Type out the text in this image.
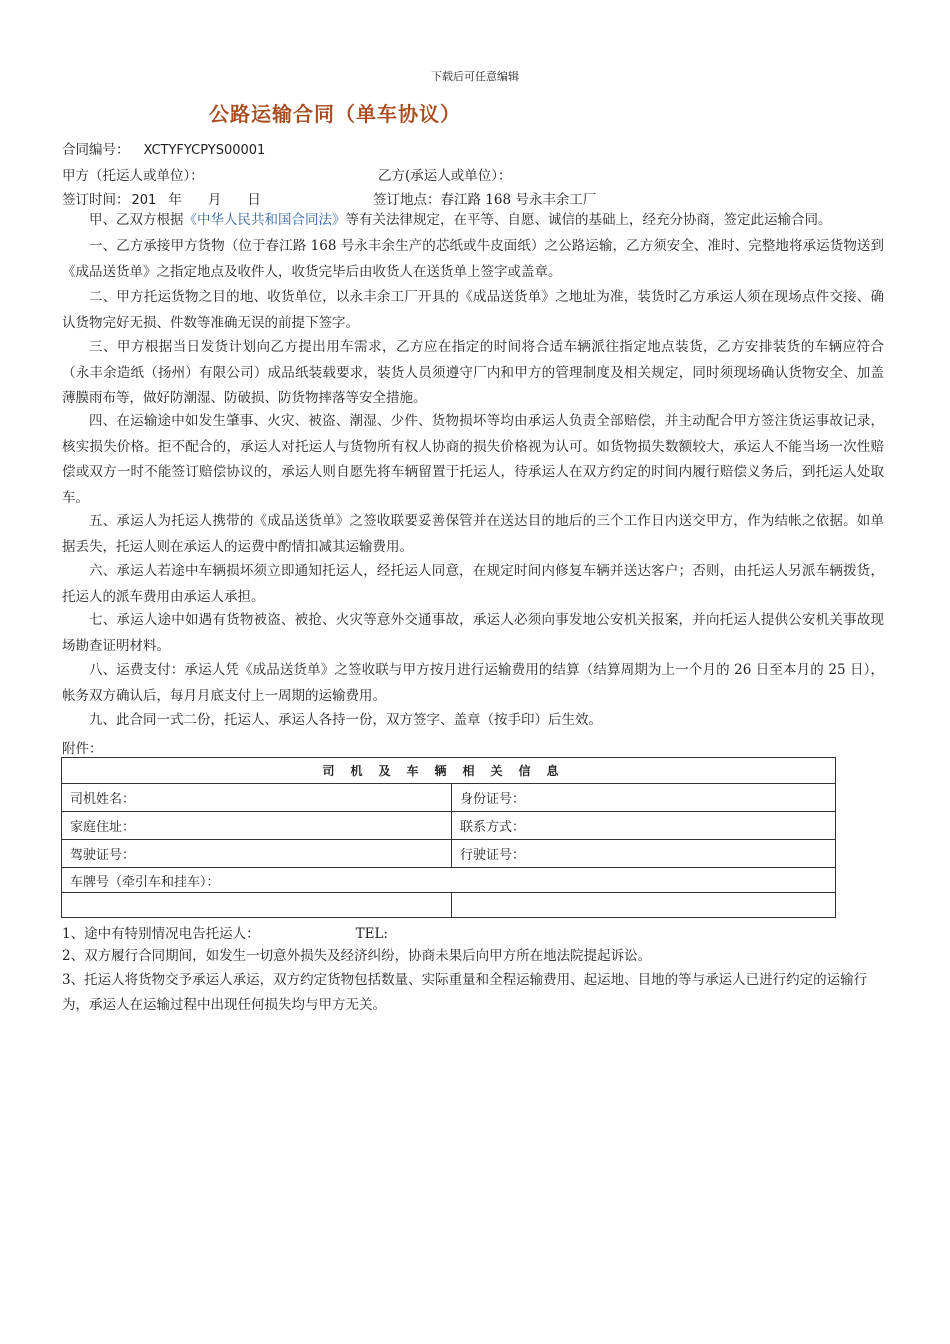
下载后可任意编辑
公路运输合同（单车协议）
合同编号： XCTYFYCPYS00001
甲方（托运人或单位）：	乙方(承运人或单位）：
签订时间： 201 年 月 日	签订地点：春江路 168 号永丰余工厂
甲、乙双方根据《中华人民共和国合同法》等有关法律规定，在平等、自愿、诚信的基础上，经充分协商，签定此运输合同。
一、乙方承接甲方货物（位于春江路 168 号永丰余生产的芯纸或牛皮面纸）之公路运输，乙方须安全、准时、完整地将承运货物送到《成品送货单》之指定地点及收件人，收货完毕后由收货人在送货单上签字或盖章。
二、甲方托运货物之目的地、收货单位，以永丰余工厂开具的《成品送货单》之地址为准，装货时乙方承运人须在现场点件交接、确认货物完好无损、件数等准确无误的前提下签字。
三、甲方根据当日发货计划向乙方提出用车需求，乙方应在指定的时间将合适车辆派往指定地点装货，乙方安排装货的车辆应符合（永丰余造纸（扬州）有限公司）成品纸装载要求，装货人员须遵守厂内和甲方的管理制度及相关规定，同时须现场确认货物安全、加盖薄膜雨布等，做好防潮湿、防破损、防货物摔落等安全措施。
四、在运输途中如发生肇事、火灾、被盗、潮湿、少件、货物损坏等均由承运人负责全部赔偿，并主动配合甲方签注货运事故记录，核实损失价格。拒不配合的，承运人对托运人与货物所有权人协商的损失价格视为认可。如货物损失数额较大，承运人不能当场一次性赔偿或双方一时不能签订赔偿协议的，承运人则自愿先将车辆留置于托运人，待承运人在双方约定的时间内履行赔偿义务后，到托运人处取车。
五、承运人为托运人携带的《成品送货单》之签收联要妥善保管并在送达目的地后的三个工作日内送交甲方，作为结帐之依据。如单据丢失，托运人则在承运人的运费中酌情扣减其运输费用。
六、承运人若途中车辆损坏须立即通知托运人，经托运人同意，在规定时间内修复车辆并送达客户；否则，由托运人另派车辆拨货，托运人的派车费用由承运人承担。
七、承运人途中如遇有货物被盗、被抢、火灾等意外交通事故，承运人必须向事发地公安机关报案，并向托运人提供公安机关事故现场勘查证明材料。
八、运费支付：承运人凭《成品送货单》之签收联与甲方按月进行运输费用的结算（结算周期为上一个月的 26 日至本月的 25 日），帐务双方确认后，每月月底支付上一周期的运输费用。
九、此合同一式二份，托运人、承运人各持一份，双方签字、盖章（按手印）后生效。
附件：
司机及车辆相关信息	
司机姓名：	身份证号：
家庭住址：	联系方式：
驾驶证号：	行驶证号：
车牌号（牵引车和挂车）：	

1、途中有特别情况电告托运人：	TEL:
2、双方履行合同期间，如发生一切意外损失及经济纠纷，协商未果后向甲方所在地法院提起诉讼。
3、托运人将货物交予承运人承运，双方约定货物包括数量、实际重量和全程运输费用、起运地、目地的等与承运人已进行约定的运输行为，承运人在运输过程中出现任何损失均与甲方无关。
